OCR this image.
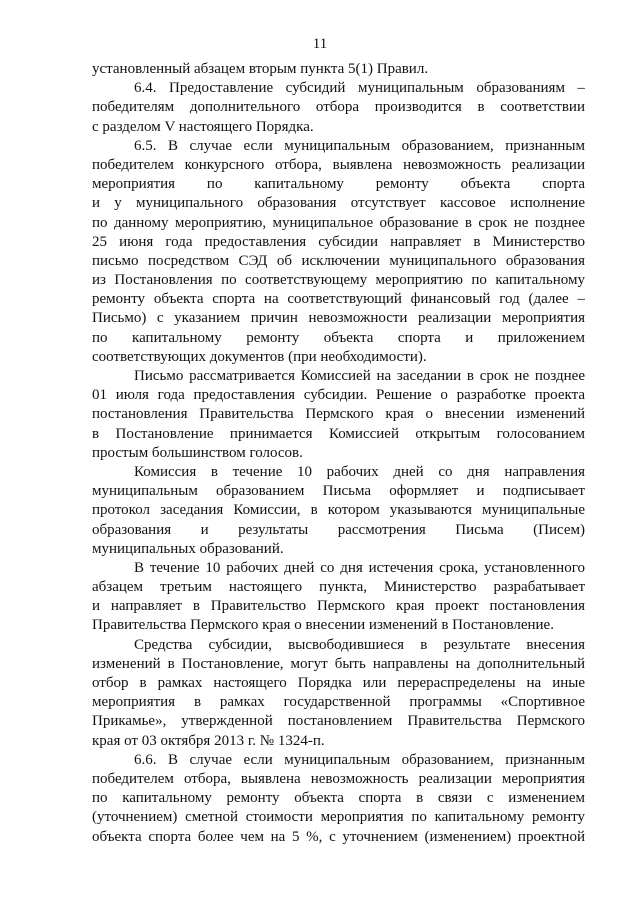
11
установленный абзацем вторым пункта 5(1) Правил.
6.4. Предоставление субсидий муниципальным образованиям –
победителям дополнительного отбора производится в соответствии
с разделом V настоящего Порядка.
6.5. В случае если муниципальным образованием, признанным
победителем конкурсного отбора, выявлена невозможность реализации
мероприятия по капитальному ремонту объекта спорта
и у муниципального образования отсутствует кассовое исполнение
по данному мероприятию, муниципальное образование в срок не позднее
25 июня года предоставления субсидии направляет в Министерство
письмо посредством СЭД об исключении муниципального образования
из Постановления по соответствующему мероприятию по капитальному
ремонту объекта спорта на соответствующий финансовый год (далее –
Письмо) с указанием причин невозможности реализации мероприятия
по капитальному ремонту объекта спорта и приложением
соответствующих документов (при необходимости).
Письмо рассматривается Комиссией на заседании в срок не позднее
01 июля года предоставления субсидии. Решение о разработке проекта
постановления Правительства Пермского края о внесении изменений
в Постановление принимается Комиссией открытым голосованием
простым большинством голосов.
Комиссия в течение 10 рабочих дней со дня направления
муниципальным образованием Письма оформляет и подписывает
протокол заседания Комиссии, в котором указываются муниципальные
образования и результаты рассмотрения Письма (Писем)
муниципальных образований.
В течение 10 рабочих дней со дня истечения срока, установленного
абзацем третьим настоящего пункта, Министерство разрабатывает
и направляет в Правительство Пермского края проект постановления
Правительства Пермского края о внесении изменений в Постановление.
Средства субсидии, высвободившиеся в результате внесения
изменений в Постановление, могут быть направлены на дополнительный
отбор в рамках настоящего Порядка или перераспределены на иные
мероприятия в рамках государственной программы «Спортивное
Прикамье», утвержденной постановлением Правительства Пермского
края от 03 октября 2013 г. № 1324-п.
6.6. В случае если муниципальным образованием, признанным
победителем отбора, выявлена невозможность реализации мероприятия
по капитальному ремонту объекта спорта в связи с изменением
(уточнением) сметной стоимости мероприятия по капитальному ремонту
объекта спорта более чем на 5 %, с уточнением (изменением) проектной
